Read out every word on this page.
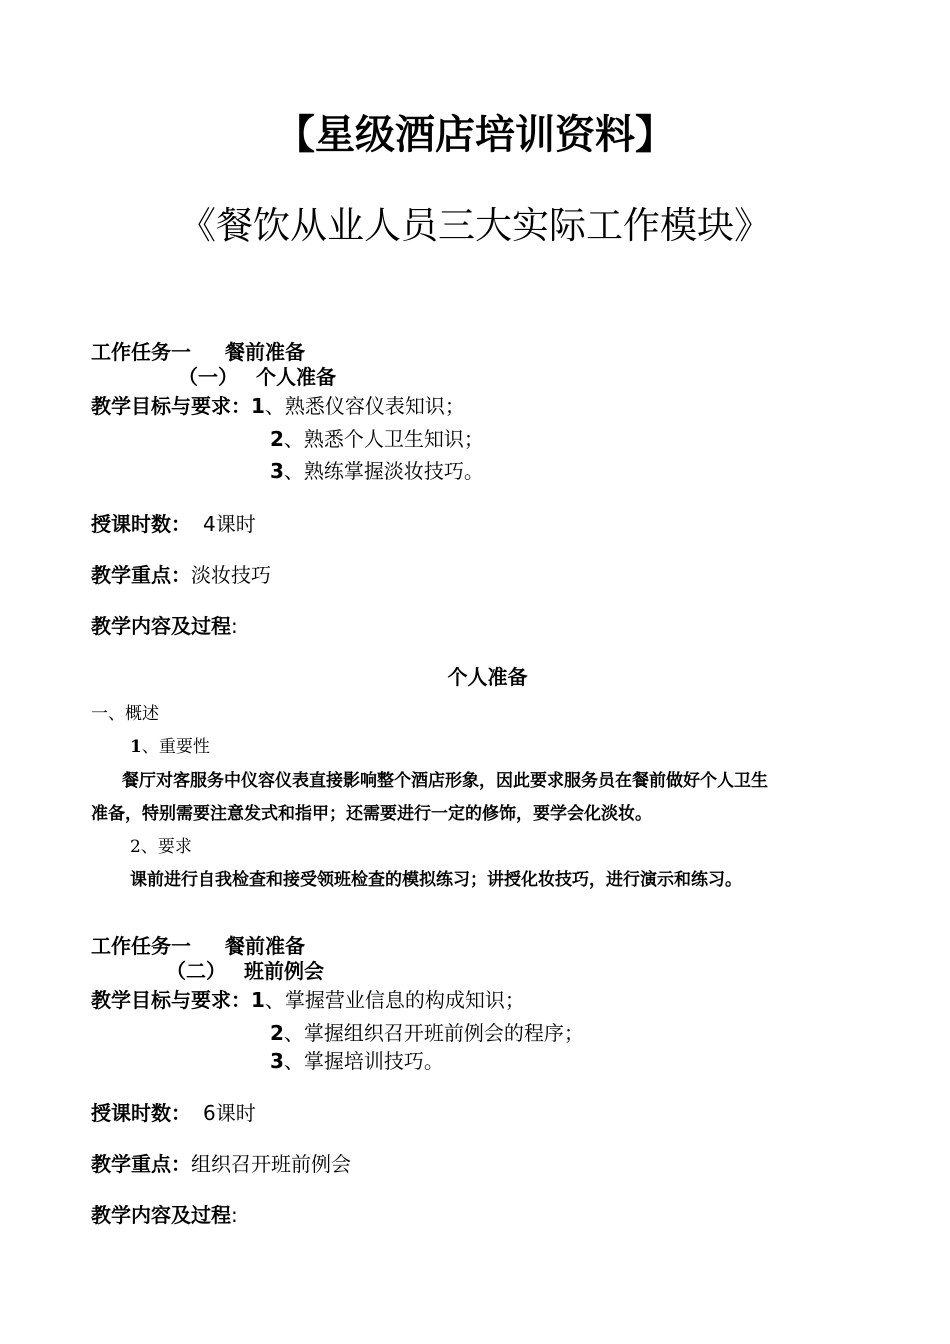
【星级酒店培训资料】
《餐饮从业人员三大实际工作模块》
工作任务一 餐前准备
（一） 个人准备
教学目标与要求：1、熟悉仪容仪表知识；
2、熟悉个人卫生知识；
3、熟练掌握淡妆技巧。
授课时数： 4课时
教学重点：淡妆技巧
教学内容及过程:
个人准备
一、概述
1、重要性
餐厅对客服务中仪容仪表直接影响整个酒店形象，因此要求服务员在餐前做好个人卫生
准备，特别需要注意发式和指甲；还需要进行一定的修饰，要学会化淡妆。
2、要求
课前进行自我检查和接受领班检查的模拟练习；讲授化妆技巧，进行演示和练习。
工作任务一 餐前准备
（二） 班前例会
教学目标与要求：1、掌握营业信息的构成知识；
2、掌握组织召开班前例会的程序；
3、掌握培训技巧。
授课时数： 6课时
教学重点：组织召开班前例会
教学内容及过程:
